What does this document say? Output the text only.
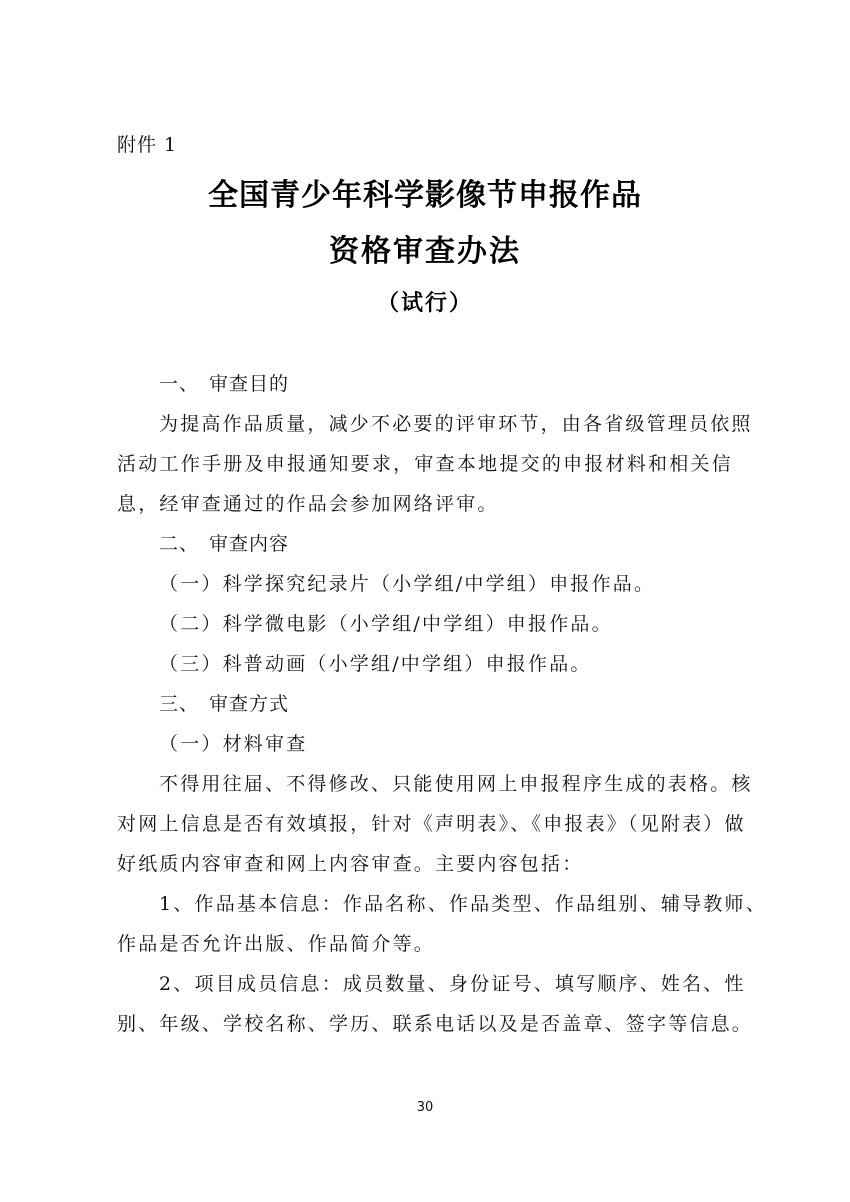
附件 1
全国青少年科学影像节申报作品
资格审查办法
（试行）
一、 审查目的
为提高作品质量，减少不必要的评审环节，由各省级管理员依照
活动工作手册及申报通知要求，审查本地提交的申报材料和相关信
息，经审查通过的作品会参加网络评审。
二、 审查内容
（一）科学探究纪录片（小学组/中学组）申报作品。
（二）科学微电影（小学组/中学组）申报作品。
（三）科普动画（小学组/中学组）申报作品。
三、 审查方式
（一）材料审查
不得用往届、不得修改、只能使用网上申报程序生成的表格。核
对网上信息是否有效填报，针对《声明表》、《申报表》（见附表）做
好纸质内容审查和网上内容审查。主要内容包括：
1、作品基本信息：作品名称、作品类型、作品组别、辅导教师、
作品是否允许出版、作品简介等。
2、项目成员信息：成员数量、身份证号、填写顺序、姓名、性
别、年级、学校名称、学历、联系电话以及是否盖章、签字等信息。
30
